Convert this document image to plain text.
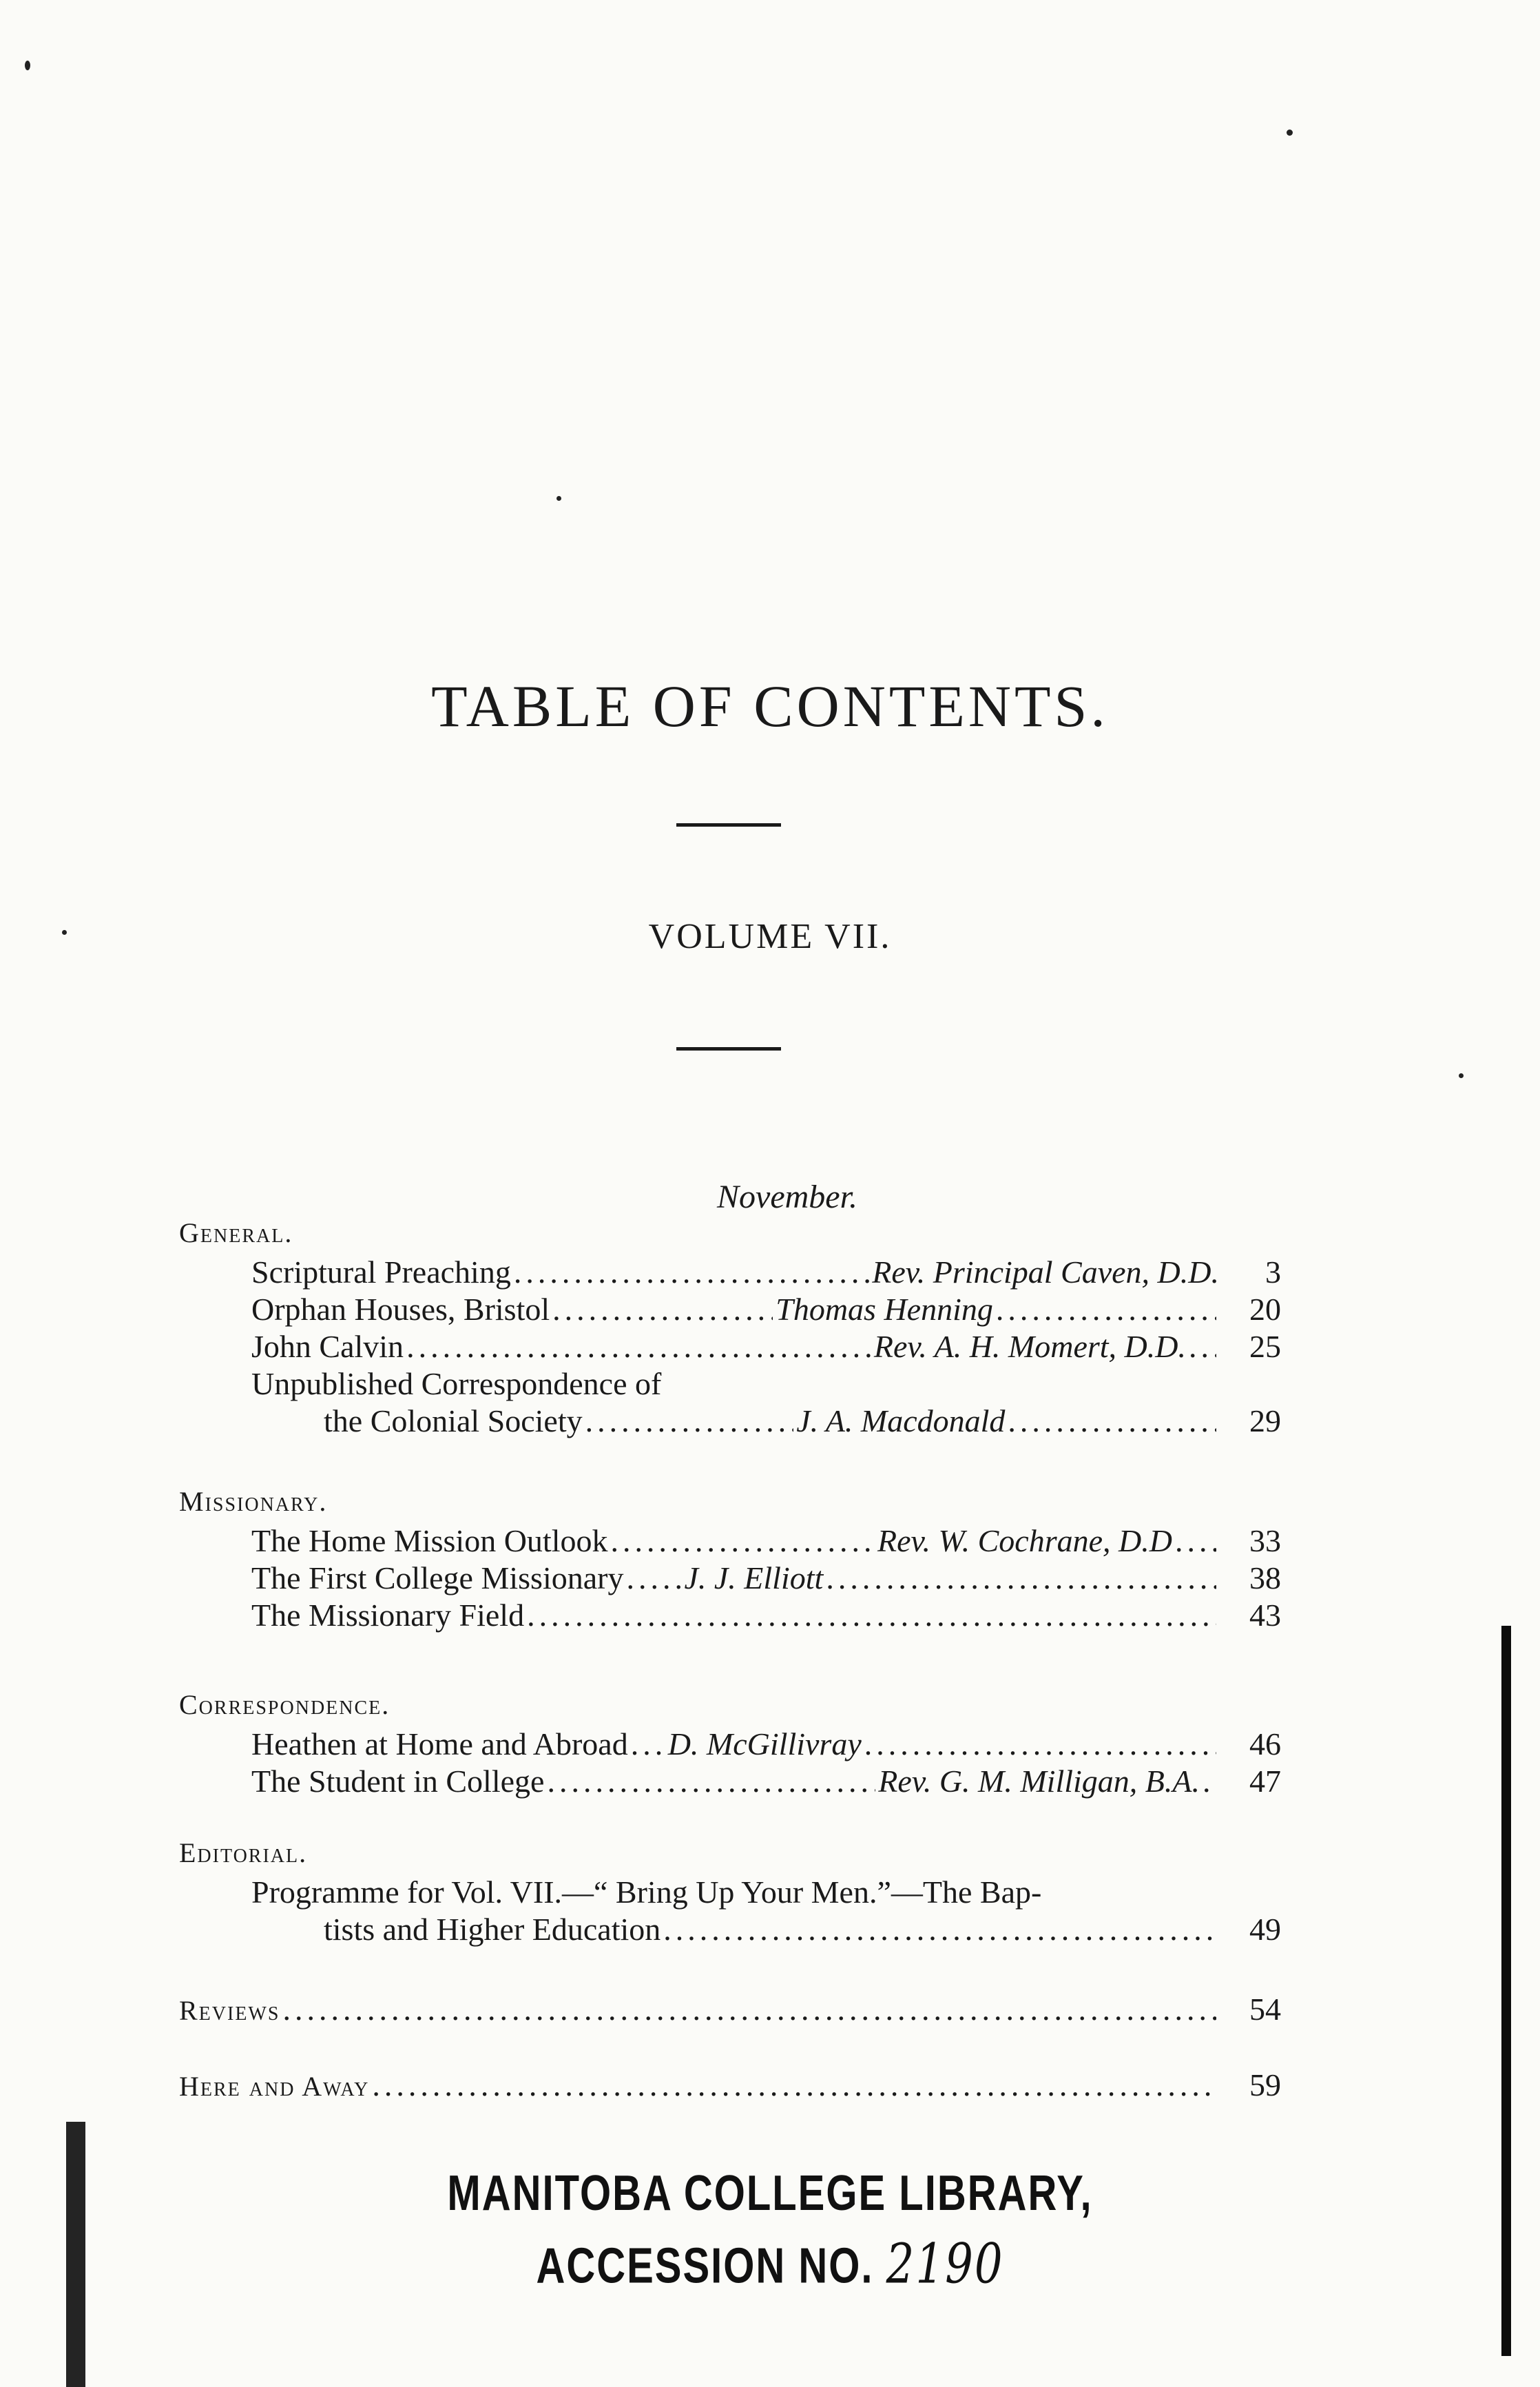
TABLE OF CONTENTS.
VOLUME VII.
November.
General.
Scriptural Preaching .....	Rev. Principal Caven, D.D.	3
Orphan Houses, Bristol .....	Thomas Henning .....	20
John Calvin .....	Rev. A. H. Momert, D.D. .....	25
Unpublished Correspondence of
the Colonial Society .....	J. A. Macdonald .....	29
Missionary.
The Home Mission Outlook .....	Rev. W. Cochrane, D.D .....	33
The First College Missionary ..... J. J. Elliott .....	38
The Missionary Field .....	43
Correspondence.
Heathen at Home and Abroad ..... D. McGillivray .....	46
The Student in College .....	Rev. G. M. Milligan, B.A. .....	47
Editorial.
Programme for Vol. VII.—“ Bring Up Your Men.”—The Bap-
tists and Higher Education .....	49
Reviews .....	54
Here and Away .....	59
MANITOBA COLLEGE LIBRARY,
ACCESSION NO. 2190
